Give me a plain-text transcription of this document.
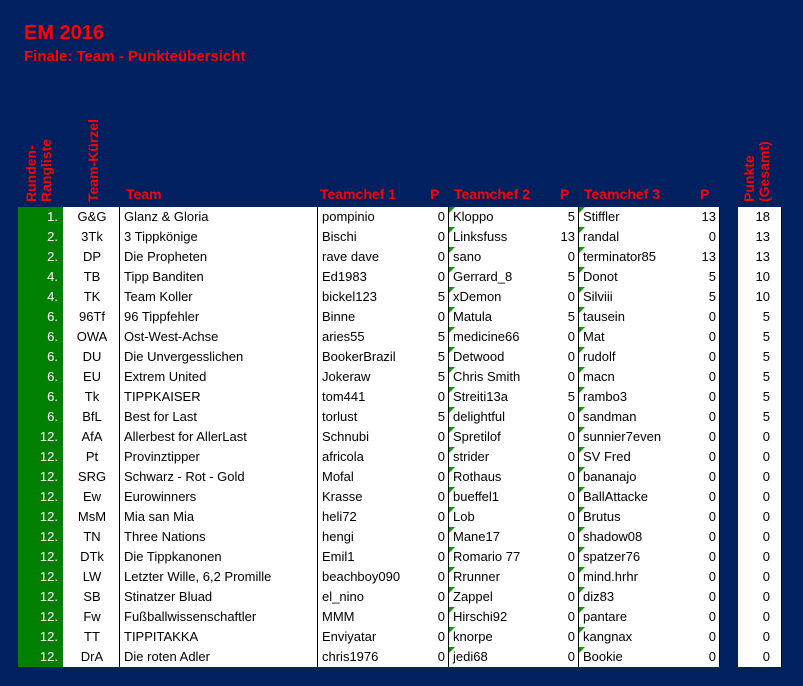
EM 2016
Finale: Team - Punkteübersicht
Runden-
Rangliste Team-Kürzel Team	Teamchef 1 P Teamchef 2 P Teamchef 3	P Punkte
(Gesamt)
1.	G&G	Glanz & Gloria	pompinio	0 Kloppo	5 Stiffler	13	18
2.	3Tk	3 Tippkönige	Bischi	0 Linksfuss	13 randal	0	13
2.	DP	Die Propheten	rave dave	0 sano	0 terminator85	13	13
4.	TB	Tipp Banditen	Ed1983	0 Gerrard_8	5 Donot	5	10
4.	TK	Team Koller	bickel123	5 xDemon	0 Silviii	5	10
6.	96Tf	96 Tippfehler	Binne	0 Matula	5 tausein	0	5
6.	OWA	Ost-West-Achse	aries55	5 medicine66	0 Mat	0	5
6.	DU	Die Unvergesslichen	BookerBrazil	5 Detwood	0 rudolf	0	5
6.	EU	Extrem United	Jokeraw	5 Chris Smith	0 macn	0	5
6.	Tk	TIPPKAISER	tom441	0 Streiti13a	5 rambo3	0	5
6.	BfL	Best for Last	torlust	5 delightful	0 sandman	0	5
12.	AfA	Allerbest for AllerLast	Schnubi	0 Spretilof	0 sunnier7even	0	0
12.	Pt	Provinztipper	africola	0 strider	0 SV Fred	0	0
12.	SRG	Schwarz - Rot - Gold	Mofal	0 Rothaus	0 bananajo	0	0
12.	Ew	Eurowinners	Krasse	0 bueffel1	0 BallAttacke	0	0
12.	MsM	Mia san Mia	heli72	0 Lob	0 Brutus	0	0
12.	TN	Three Nations	hengi	0 Mane17	0 shadow08	0	0
12.	DTk	Die Tippkanonen	Emil1	0 Romario 77	0 spatzer76	0	0
12.	LW	Letzter Wille, 6,2 Promille	beachboy090	0 Rrunner	0 mind.hrhr	0	0
12.	SB	Stinatzer Bluad	el_nino	0 Zappel	0 diz83	0	0
12.	Fw	Fußballwissenschaftler	MMM	0 Hirschi92	0 pantare	0	0
12.	TT	TIPPITAKKA	Enviyatar	0 knorpe	0 kangnax	0	0
12.	DrA	Die roten Adler	chris1976	0 jedi68	0 Bookie	0	0
